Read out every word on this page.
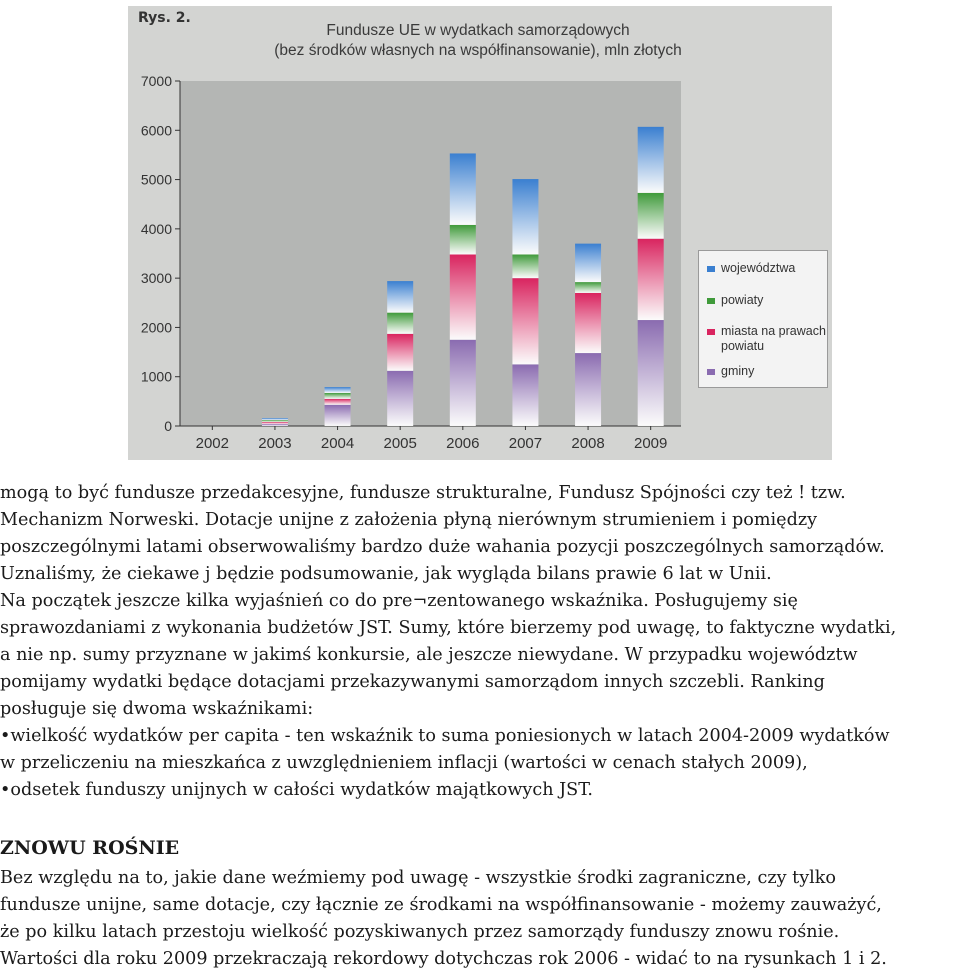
0
1000
2000
3000
4000
5000
6000
7000
2002 2003 2004 2005 2006 2007 2008 2009
Rys. 2.
Fundusze UE w wydatkach samorządowych
(bez środków własnych na współfinansowanie), mln złotych
województwa
powiaty
miasta na prawach powiatu
gminy
mogą to być fundusze przedakcesyjne, fundusze strukturalne, Fundusz Spójności czy też ! tzw.
Mechanizm Norweski. Dotacje unijne z założenia płyną nierównym strumieniem i pomiędzy
poszczególnymi latami obserwowaliśmy bardzo duże wahania pozycji poszczególnych samorządów.
Uznaliśmy, że ciekawe j będzie podsumowanie, jak wygląda bilans prawie 6 lat w Unii.
Na początek jeszcze kilka wyjaśnień co do pre¬zentowanego wskaźnika. Posługujemy się
sprawozdaniami z wykonania budżetów JST. Sumy, które bierzemy pod uwagę, to faktyczne wydatki,
a nie np. sumy przyznane w jakimś konkursie, ale jeszcze niewydane. W przypadku województw
pomijamy wydatki będące dotacjami przekazywanymi samorządom innych szczebli. Ranking
posługuje się dwoma wskaźnikami:
•wielkość wydatków per capita - ten wskaźnik to suma poniesionych w latach 2004-2009 wydatków
w przeliczeniu na mieszkańca z uwzględnieniem inflacji (wartości w cenach stałych 2009),
•odsetek funduszy unijnych w całości wydatków majątkowych JST.
ZNOWU ROŚNIE
Bez względu na to, jakie dane weźmiemy pod uwagę - wszystkie środki zagraniczne, czy tylko
fundusze unijne, same dotacje, czy łącznie ze środkami na współfinansowanie - możemy zauważyć,
że po kilku latach przestoju wielkość pozyskiwanych przez samorządy funduszy znowu rośnie.
Wartości dla roku 2009 przekraczają rekordowy dotychczas rok 2006 - widać to na rysunkach 1 i 2.
